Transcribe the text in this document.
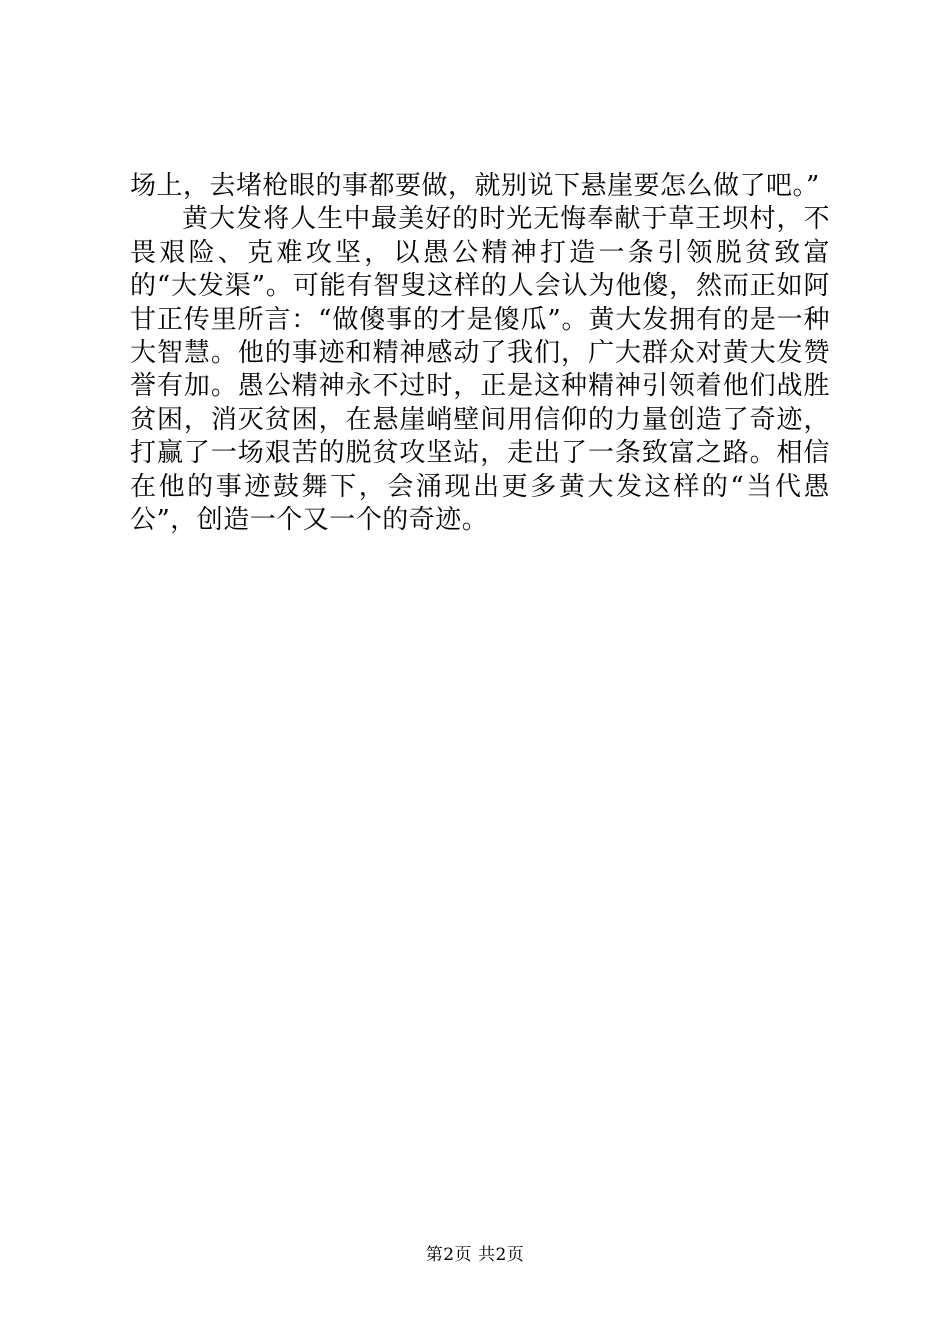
场上，去堵枪眼的事都要做，就别说下悬崖要怎么做了吧。”

黄大发将人生中最美好的时光无悔奉献于草王坝村，不畏艰险、克难攻坚，以愚公精神打造一条引领脱贫致富的“大发渠”。可能有智叟这样的人会认为他傻，然而正如阿甘正传里所言：“做傻事的才是傻瓜”。黄大发拥有的是一种大智慧。他的事迹和精神感动了我们，广大群众对黄大发赞誉有加。愚公精神永不过时，正是这种精神引领着他们战胜贫困，消灭贫困，在悬崖峭壁间用信仰的力量创造了奇迹，打赢了一场艰苦的脱贫攻坚站，走出了一条致富之路。相信在他的事迹鼓舞下，会涌现出更多黄大发这样的“当代愚公”，创造一个又一个的奇迹。

第2页 共2页
